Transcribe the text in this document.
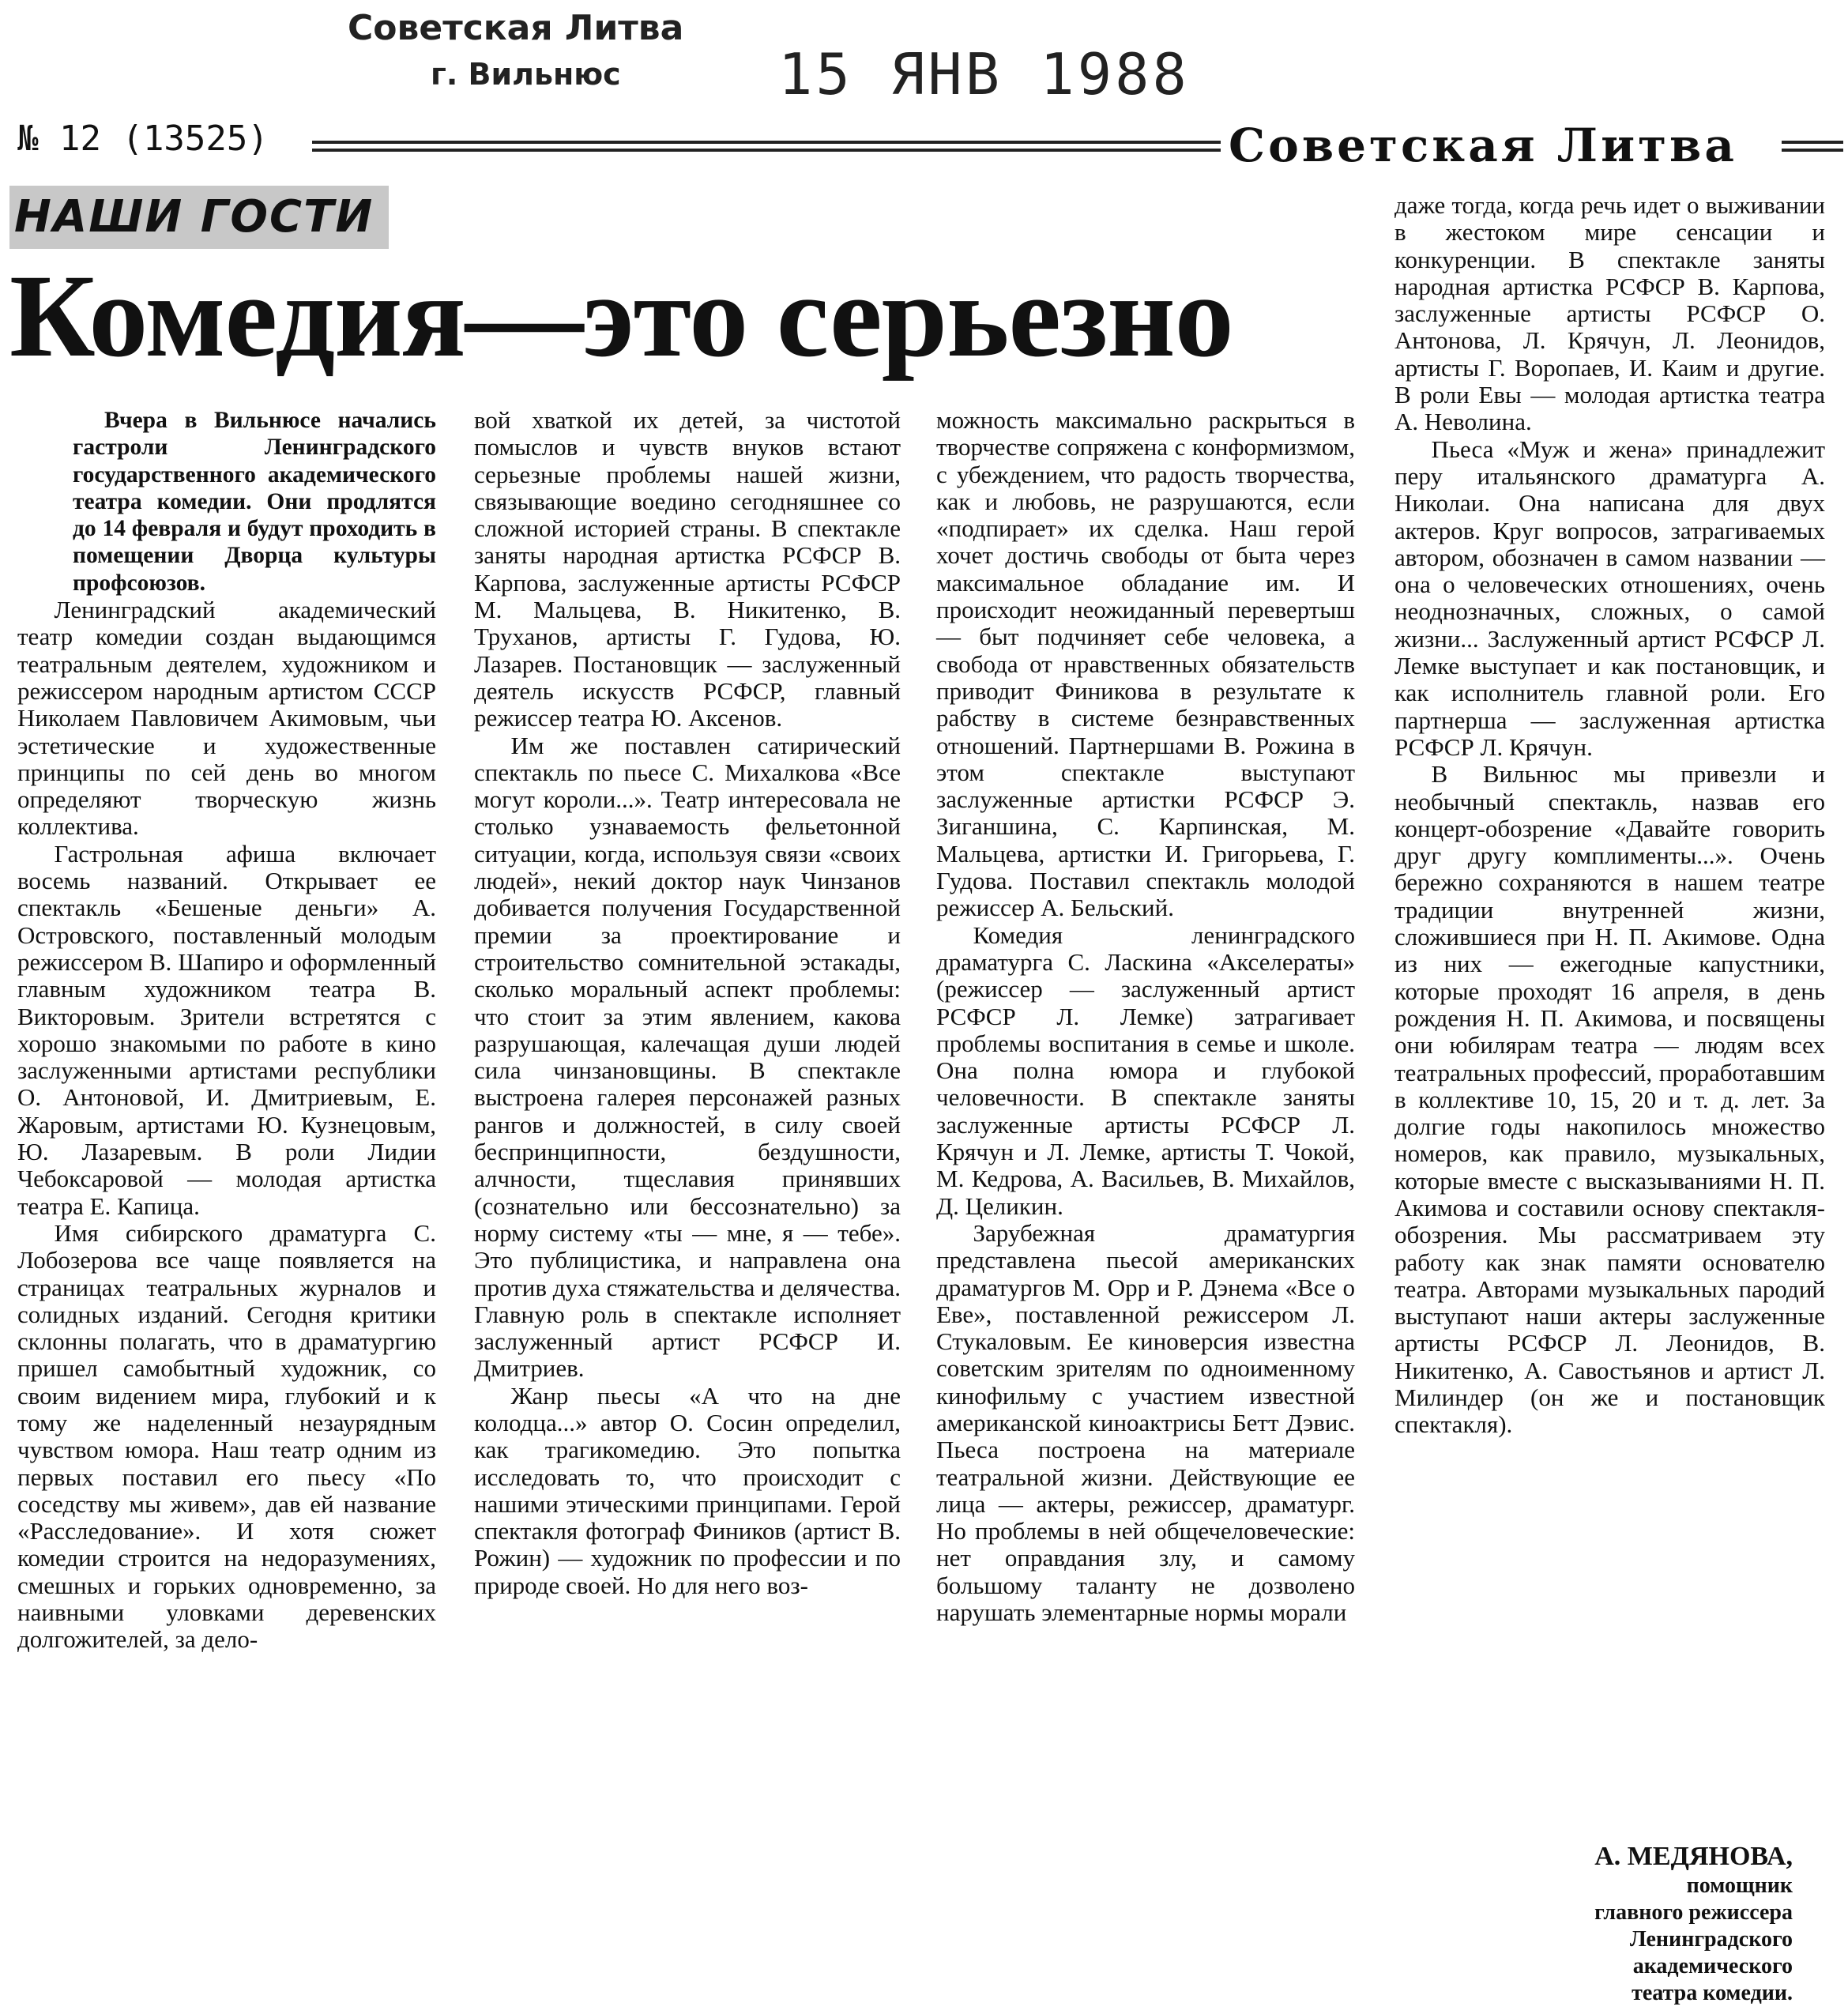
Советская Литва
г. Вильнюс	15 ЯНВ 1988
№ 12 (13525)	Советская Литва
НАШИ ГОСТИ
Комедия—это серьезно

Вчера в Вильнюсе начались гастроли Ленинградского государственного академического театра комедии. Они продлятся до 14 февраля и будут проходить в помещении Дворца культуры профсоюзов.

Ленинградский академический театр комедии создан выдающимся театральным деятелем, художником и режиссером народным артистом СССР Николаем Павловичем Акимовым, чьи эстетические и художественные принципы по сей день во многом определяют творческую жизнь коллектива.

Гастрольная афиша включает восемь названий. Открывает ее спектакль «Бешеные деньги» А. Островского, поставленный молодым режиссером В. Шапиро и оформленный главным художником театра В. Викторовым. Зрители встретятся с хорошо знакомыми по работе в кино заслуженными артистами республики О. Антоновой, И. Дмитриевым, Е. Жаровым, артистами Ю. Кузнецовым, Ю. Лазаревым. В роли Лидии Чебоксаровой — молодая артистка театра Е. Капица.

Имя сибирского драматурга С. Лобозерова все чаще появляется на страницах театральных журналов и солидных изданий. Сегодня критики склонны полагать, что в драматургию пришел самобытный художник, со своим видением мира, глубокий и к тому же наделенный незаурядным чувством юмора. Наш театр одним из первых поставил его пьесу «По соседству мы живем», дав ей название «Расследование». И хотя сюжет комедии строится на недоразумениях, смешных и горьких одновременно, за наивными уловками деревенских долгожителей, за дело-

вой хваткой их детей, за чистотой помыслов и чувств внуков встают серьезные проблемы нашей жизни, связывающие воедино сегодняшнее со сложной историей страны. В спектакле заняты народная артистка РСФСР В. Карпова, заслуженные артисты РСФСР М. Мальцева, В. Никитенко, В. Труханов, артисты Г. Гудова, Ю. Лазарев. Постановщик — заслуженный деятель искусств РСФСР, главный режиссер театра Ю. Аксенов.

Им же поставлен сатирический спектакль по пьесе С. Михалкова «Все могут короли...». Театр интересовала не столько узнаваемость фельетонной ситуации, когда, используя связи «своих людей», некий доктор наук Чинзанов добивается получения Государственной премии за проектирование и строительство сомнительной эстакады, сколько моральный аспект проблемы: что стоит за этим явлением, какова разрушающая, калечащая души людей сила чинзановщины. В спектакле выстроена галерея персонажей разных рангов и должностей, в силу своей беспринципности, бездушности, алчности, тщеславия принявших (сознательно или бессознательно) за норму систему «ты — мне, я — тебе». Это публицистика, и направлена она против духа стяжательства и делячества. Главную роль в спектакле исполняет заслуженный артист РСФСР И. Дмитриев.

Жанр пьесы «А что на дне колодца...» автор О. Сосин определил, как трагикомедию. Это попытка исследовать то, что происходит с нашими этическими принципами. Герой спектакля фотограф Фиников (артист В. Рожин) — художник по профессии и по природе своей. Но для него воз-

можность максимально раскрыться в творчестве сопряжена с конформизмом, с убеждением, что радость творчества, как и любовь, не разрушаются, если «подпирает» их сделка. Наш герой хочет достичь свободы от быта через максимальное обладание им. И происходит неожиданный перевертыш — быт подчиняет себе человека, а свобода от нравственных обязательств приводит Финикова в результате к рабству в системе безнравственных отношений. Партнершами В. Рожина в этом спектакле выступают заслуженные артистки РСФСР Э. Зиганшина, С. Карпинская, М. Мальцева, артистки И. Григорьева, Г. Гудова. Поставил спектакль молодой режиссер А. Бельский.

Комедия ленинградского драматурга С. Ласкина «Акселераты» (режиссер — заслуженный артист РСФСР Л. Лемке) затрагивает проблемы воспитания в семье и школе. Она полна юмора и глубокой человечности. В спектакле заняты заслуженные артисты РСФСР Л. Крячун и Л. Лемке, артисты Т. Чокой, М. Кедрова, А. Васильев, В. Михайлов, Д. Целикин.

Зарубежная драматургия представлена пьесой американских драматургов М. Орр и Р. Дэнема «Все о Еве», поставленной режиссером Л. Стукаловым. Ее киноверсия известна советским зрителям по одноименному кинофильму с участием известной американской киноактрисы Бетт Дэвис. Пьеса построена на материале театральной жизни. Действующие ее лица — актеры, режиссер, драматург. Но проблемы в ней общечеловеческие: нет оправдания злу, и самому большому таланту не дозволено нарушать элементарные нормы морали

даже тогда, когда речь идет о выживании в жестоком мире сенсации и конкуренции. В спектакле заняты народная артистка РСФСР В. Карпова, заслуженные артисты РСФСР О. Антонова, Л. Крячун, Л. Леонидов, артисты Г. Воропаев, И. Каим и другие. В роли Евы — молодая артистка театра А. Неволина.

Пьеса «Муж и жена» принадлежит перу итальянского драматурга А. Николаи. Она написана для двух актеров. Круг вопросов, затрагиваемых автором, обозначен в самом названии — она о человеческих отношениях, очень неоднозначных, сложных, о самой жизни... Заслуженный артист РСФСР Л. Лемке выступает и как постановщик, и как исполнитель главной роли. Его партнерша — заслуженная артистка РСФСР Л. Крячун.

В Вильнюс мы привезли и необычный спектакль, назвав его концерт-обозрение «Давайте говорить друг другу комплименты...». Очень бережно сохраняются в нашем театре традиции внутренней жизни, сложившиеся при Н. П. Акимове. Одна из них — ежегодные капустники, которые проходят 16 апреля, в день рождения Н. П. Акимова, и посвящены они юбилярам театра — людям всех театральных профессий, проработавшим в коллективе 10, 15, 20 и т. д. лет. За долгие годы накопилось множество номеров, как правило, музыкальных, которые вместе с высказываниями Н. П. Акимова и составили основу спектакля-обозрения. Мы рассматриваем эту работу как знак памяти основателю театра. Авторами музыкальных пародий выступают наши актеры заслуженные артисты РСФСР Л. Леонидов, В. Никитенко, А. Савостьянов и артист Л. Милиндер (он же и постановщик спектакля).

А. МЕДЯНОВА,
помощник
главного режиссера
Ленинградского
академического
театра комедии.
